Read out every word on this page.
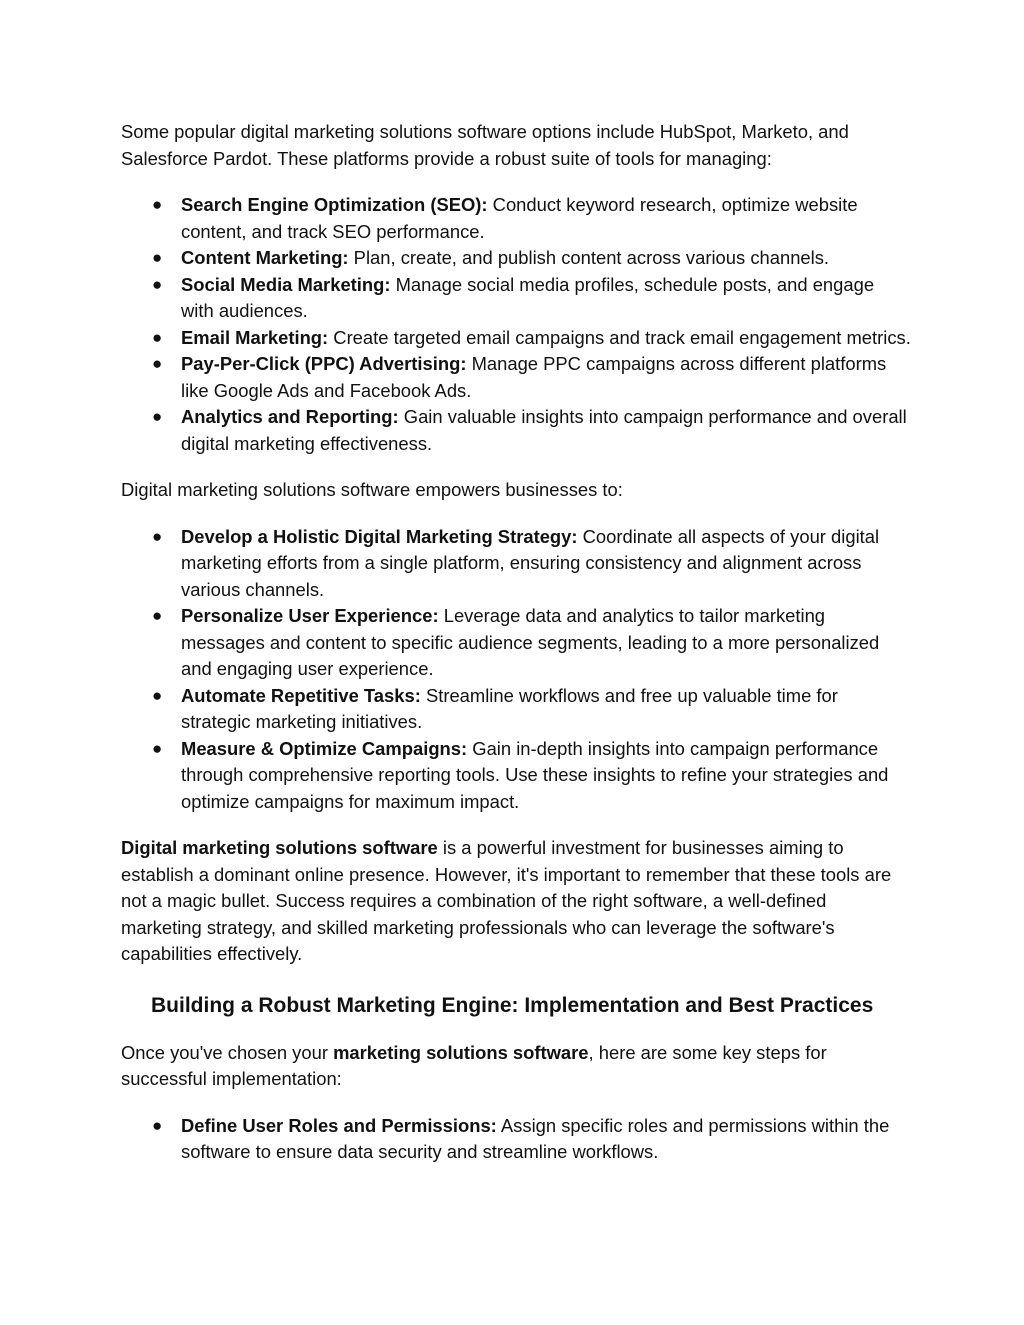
Some popular digital marketing solutions software options include HubSpot, Marketo, and Salesforce Pardot. These platforms provide a robust suite of tools for managing:

● Search Engine Optimization (SEO): Conduct keyword research, optimize website content, and track SEO performance.
● Content Marketing: Plan, create, and publish content across various channels.
● Social Media Marketing: Manage social media profiles, schedule posts, and engage with audiences.
● Email Marketing: Create targeted email campaigns and track email engagement metrics.
● Pay-Per-Click (PPC) Advertising: Manage PPC campaigns across different platforms like Google Ads and Facebook Ads.
● Analytics and Reporting: Gain valuable insights into campaign performance and overall digital marketing effectiveness.

Digital marketing solutions software empowers businesses to:

● Develop a Holistic Digital Marketing Strategy: Coordinate all aspects of your digital marketing efforts from a single platform, ensuring consistency and alignment across various channels.
● Personalize User Experience: Leverage data and analytics to tailor marketing messages and content to specific audience segments, leading to a more personalized and engaging user experience.
● Automate Repetitive Tasks: Streamline workflows and free up valuable time for strategic marketing initiatives.
● Measure & Optimize Campaigns: Gain in-depth insights into campaign performance through comprehensive reporting tools. Use these insights to refine your strategies and optimize campaigns for maximum impact.

Digital marketing solutions software is a powerful investment for businesses aiming to establish a dominant online presence. However, it's important to remember that these tools are not a magic bullet. Success requires a combination of the right software, a well-defined marketing strategy, and skilled marketing professionals who can leverage the software's capabilities effectively.

Building a Robust Marketing Engine: Implementation and Best Practices

Once you've chosen your marketing solutions software, here are some key steps for successful implementation:

● Define User Roles and Permissions: Assign specific roles and permissions within the software to ensure data security and streamline workflows.
